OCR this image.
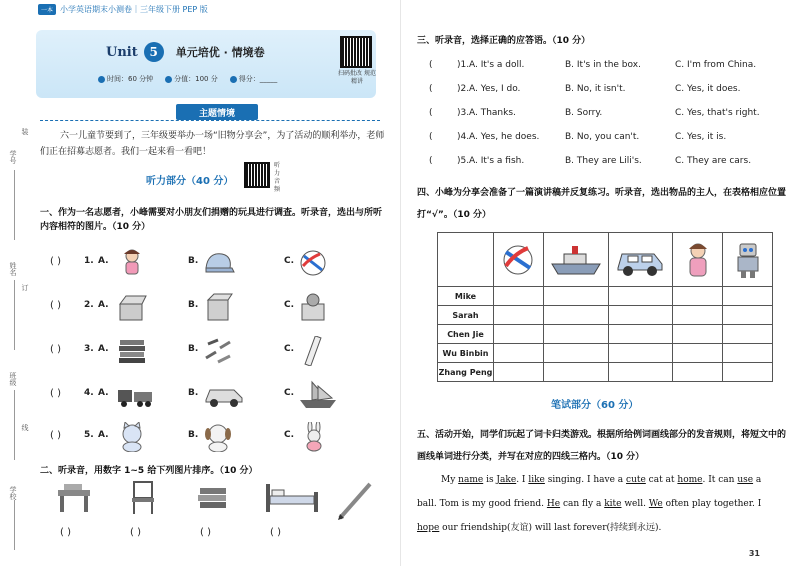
一本 小学英语期末小测卷｜三年级下册 PEP 版
Unit 5	单元培优 · 情境卷
时间：60 分钟	分值：100 分	得分：_____
扫码批改 规范精讲
主题情境
六一儿童节要到了，三年级要举办一场“旧物分享会”，为了活动的顺利举办，老师们正在招募志愿者。我们一起来看一看吧！
听力部分（40 分）
听力音频
学号
姓名
班级
学校
装
订
线
一、作为一名志愿者，小峰需要对小朋友们捐赠的玩具进行调查。听录音，选出与所听内容相符的图片。（10 分）
( )	1. A.	B.	C.
( )	2. A.	B.	C.
( )	3. A.	B.	C.
( )	4. A.	B.	C.
( )	5. A.	B.	C.
二、听录音，用数字 1~5 给下列图片排序。（10 分）
( )	( )	( )	( )
三、听录音，选择正确的应答语。（10 分）
(	)1. A. It's a doll.	B. It's in the box.	C. I'm from China.
(	)2. A. Yes, I do.	B. No, it isn't.	C. Yes, it does.
(	)3. A. Thanks.	B. Sorry.	C. Yes, that's right.
(	)4. A. Yes, he does.	B. No, you can't.	C. Yes, it is.
(	)5. A. It's a fish.	B. They are Lili's.	C. They are cars.
四、小峰为分享会准备了一篇演讲稿并反复练习。听录音，选出物品的主人，在表格相应位置打“√”。（10 分）

Mike					
Sarah					
Chen Jie					
Wu Binbin					
Zhang Peng					
笔试部分（60 分）
五、活动开始，同学们玩起了词卡归类游戏。根据所给例词画线部分的发音规则，将短文中的画线单词进行分类，并写在对应的四线三格内。（10 分）
My name is Jake. I like singing. I have a cute cat at home. It can use a ball. Tom is my good friend. He can fly a kite well. We often play together. I hope our friendship(友谊) will last forever(持续到永远).
31
